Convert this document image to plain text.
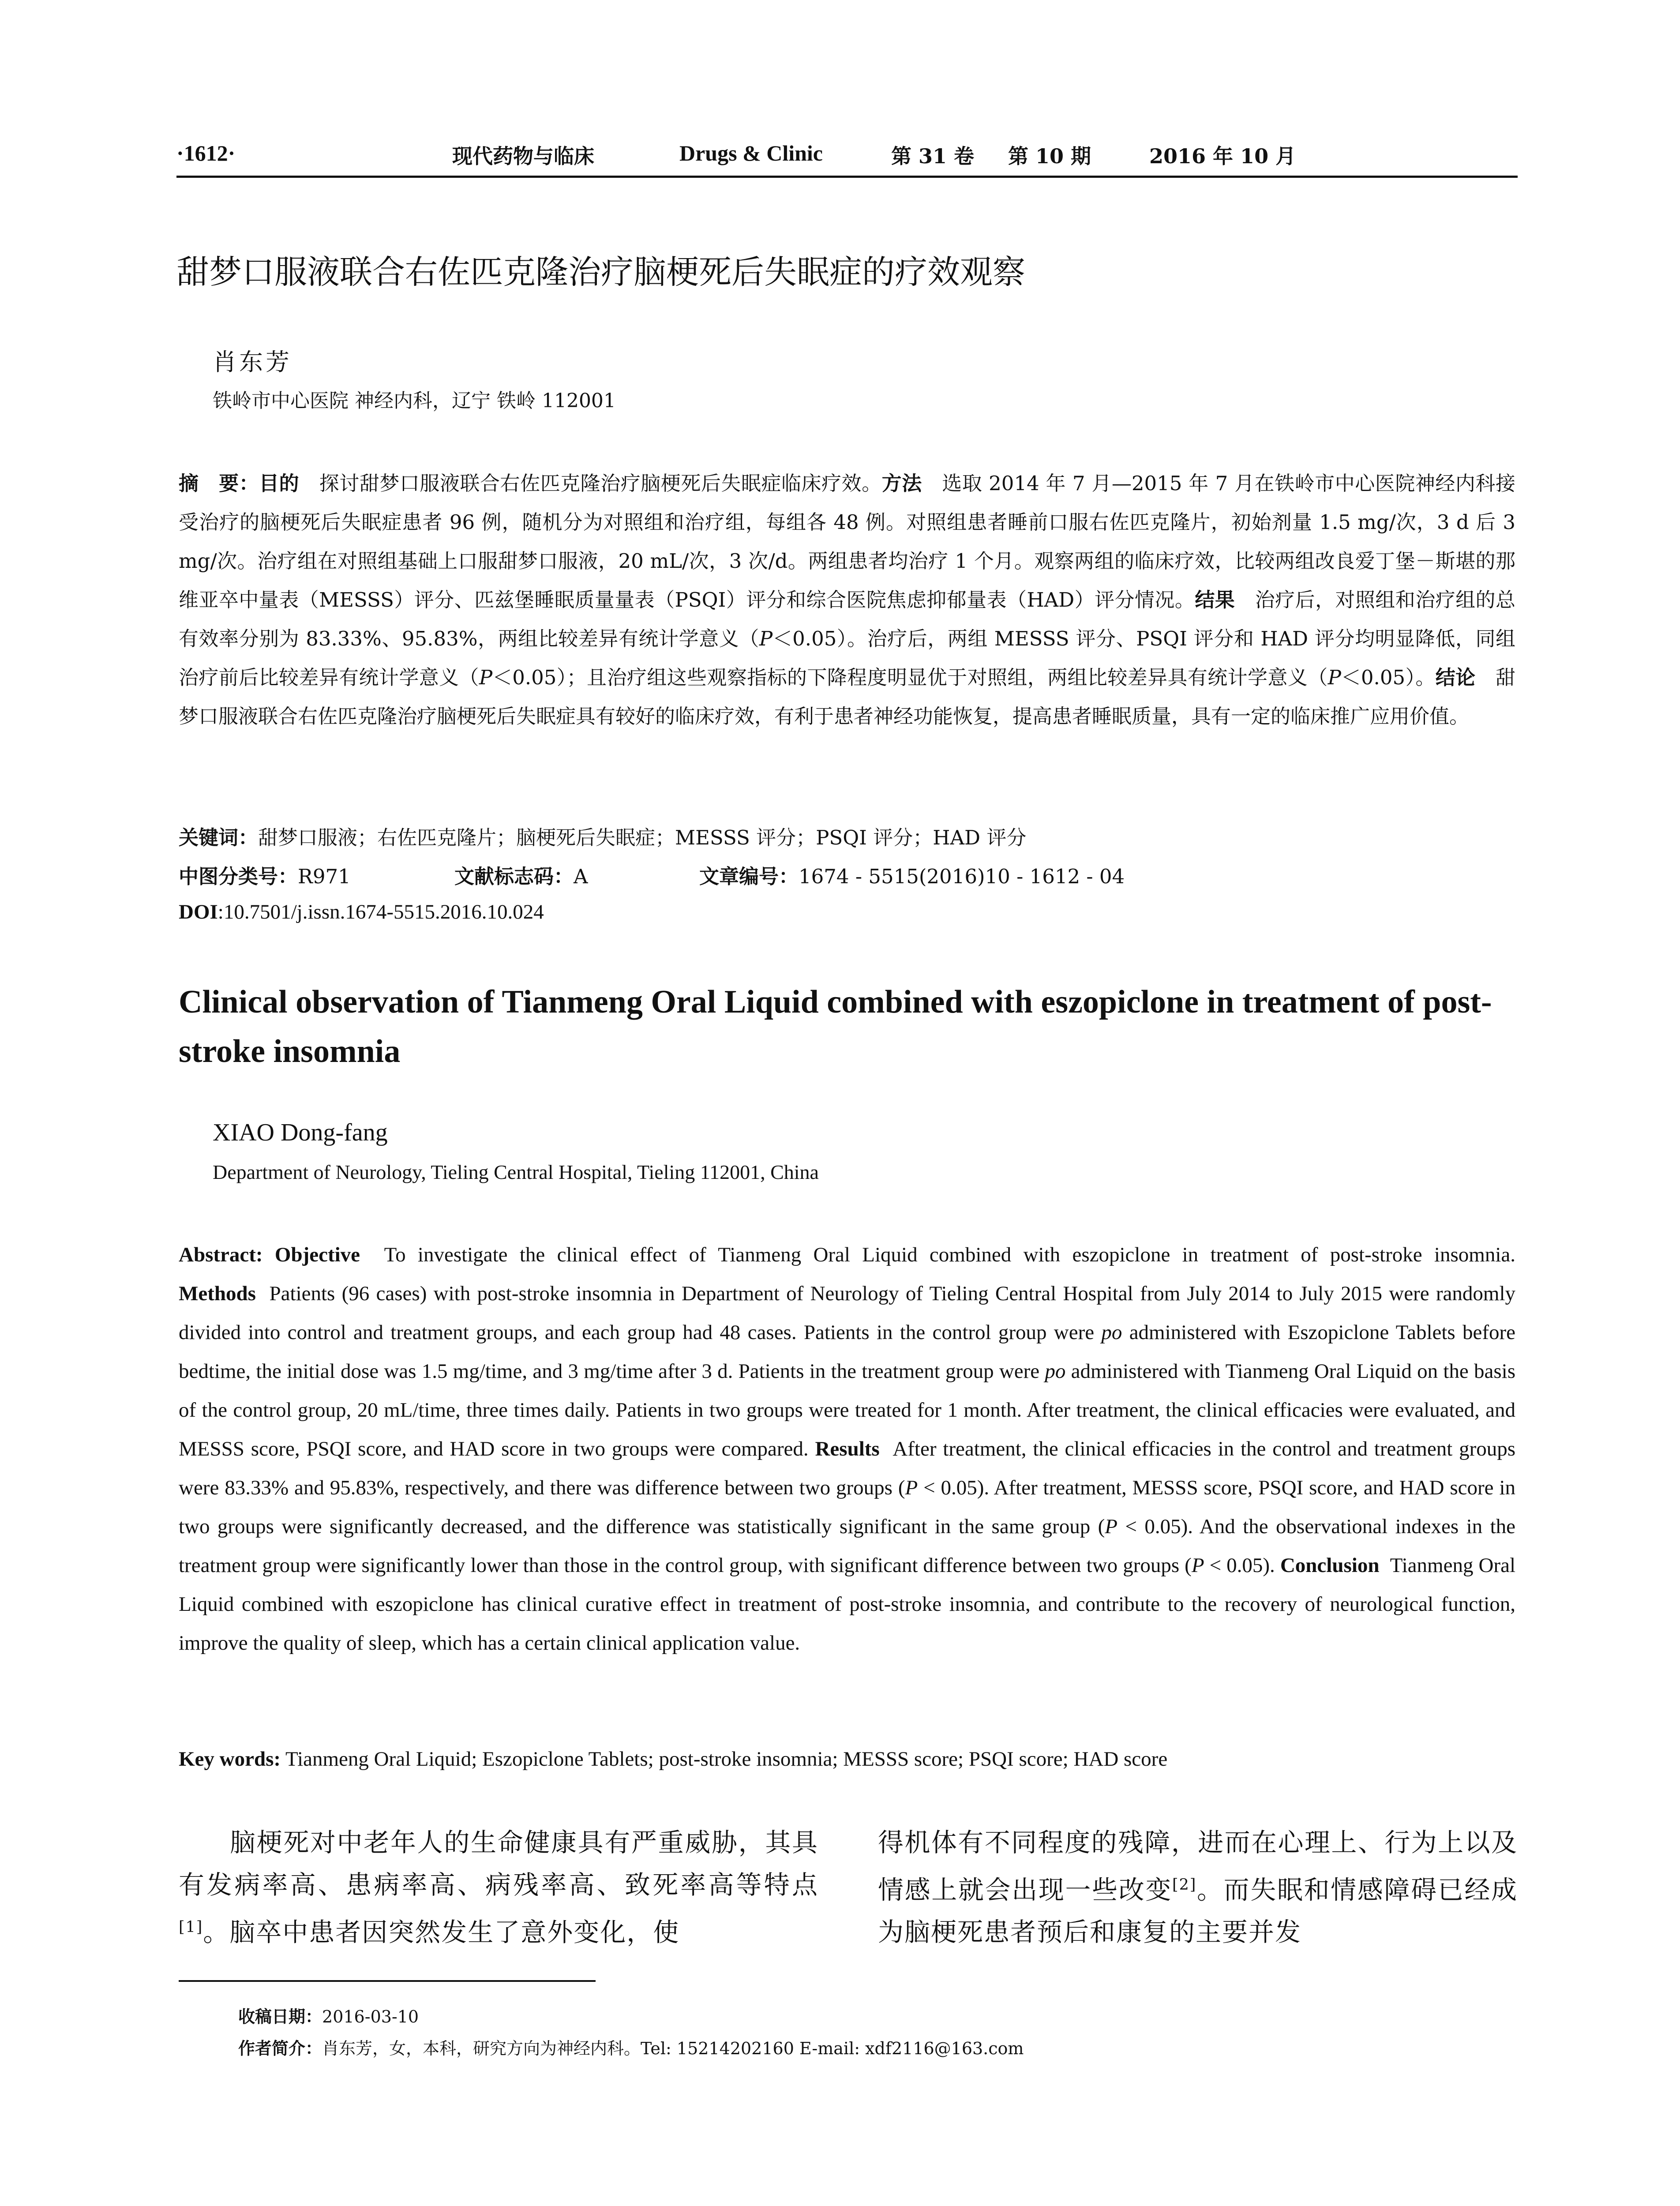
·1612·	现代药物与临床	Drugs & Clinic	第 31 卷 第 10 期	2016 年 10 月
甜梦口服液联合右佐匹克隆治疗脑梗死后失眠症的疗效观察
肖东芳
铁岭市中心医院 神经内科，辽宁 铁岭 112001
摘　要：目的　 探讨甜梦口服液联合右佐匹克隆治疗脑梗死后失眠症临床疗效。方法　 选取 2014 年 7 月—2015 年 7 月在铁岭市中心医院神经内科接受治疗的脑梗死后失眠症患者 96 例，随机分为对照组和治疗组，每组各 48 例。对照组患者睡前口服右佐匹克隆片，初始剂量 1.5 mg/次，3 d 后 3 mg/次。治疗组在对照组基础上口服甜梦口服液，20 mL/次，3 次/d。两组患者均治疗 1 个月。观察两组的临床疗效，比较两组改良爱丁堡－斯堪的那维亚卒中量表（MESSS）评分、匹兹堡睡眠质量量表（PSQI）评分和综合医院焦虑抑郁量表（HAD）评分情况。结果　 治疗后，对照组和治疗组的总有效率分别为 83.33%、95.83%，两组比较差异有统计学意义（P＜0.05）。治疗后，两组 MESSS 评分、PSQI 评分和 HAD 评分均明显降低，同组治疗前后比较差异有统计学意义（P＜0.05）；且治疗组这些观察指标的下降程度明显优于对照组，两组比较差异具有统计学意义（P＜0.05）。结论　 甜梦口服液联合右佐匹克隆治疗脑梗死后失眠症具有较好的临床疗效，有利于患者神经功能恢复，提高患者睡眠质量，具有一定的临床推广应用价值。
关键词：甜梦口服液；右佐匹克隆片；脑梗死后失眠症；MESSS 评分；PSQI 评分；HAD 评分
中图分类号：R971	文献标志码：A	文章编号：1674 - 5515(2016)10 - 1612 - 04
DOI:10.7501/j.issn.1674-5515.2016.10.024
Clinical observation of Tianmeng Oral Liquid combined with eszopiclone in treatment of post-stroke insomnia
XIAO Dong-fang
Department of Neurology, Tieling Central Hospital, Tieling 112001, China
Abstract: Objective To investigate the clinical effect of Tianmeng Oral Liquid combined with eszopiclone in treatment of post-stroke insomnia. Methods Patients (96 cases) with post-stroke insomnia in Department of Neurology of Tieling Central Hospital from July 2014 to July 2015 were randomly divided into control and treatment groups, and each group had 48 cases. Patients in the control group were po administered with Eszopiclone Tablets before bedtime, the initial dose was 1.5 mg/time, and 3 mg/time after 3 d. Patients in the treatment group were po administered with Tianmeng Oral Liquid on the basis of the control group, 20 mL/time, three times daily. Patients in two groups were treated for 1 month. After treatment, the clinical efficacies were evaluated, and MESSS score, PSQI score, and HAD score in two groups were compared. Results After treatment, the clinical efficacies in the control and treatment groups were 83.33% and 95.83%, respectively, and there was difference between two groups (P < 0.05). After treatment, MESSS score, PSQI score, and HAD score in two groups were significantly decreased, and the difference was statistically significant in the same group (P < 0.05). And the observational indexes in the treatment group were significantly lower than those in the control group, with significant difference between two groups (P < 0.05). Conclusion Tianmeng Oral Liquid combined with eszopiclone has clinical curative effect in treatment of post-stroke insomnia, and contribute to the recovery of neurological function, improve the quality of sleep, which has a certain clinical application value.
Key words: Tianmeng Oral Liquid; Eszopiclone Tablets; post-stroke insomnia; MESSS score; PSQI score; HAD score
脑梗死对中老年人的生命健康具有严重威胁，其具有发病率高、患病率高、病残率高、致死率高等特点[1]。脑卒中患者因突然发生了意外变化，使
得机体有不同程度的残障，进而在心理上、行为上以及情感上就会出现一些改变[2]。而失眠和情感障碍已经成为脑梗死患者预后和康复的主要并发
收稿日期：2016-03-10
作者简介：肖东芳，女，本科，研究方向为神经内科。Tel: 15214202160 E-mail: xdf2116@163.com
